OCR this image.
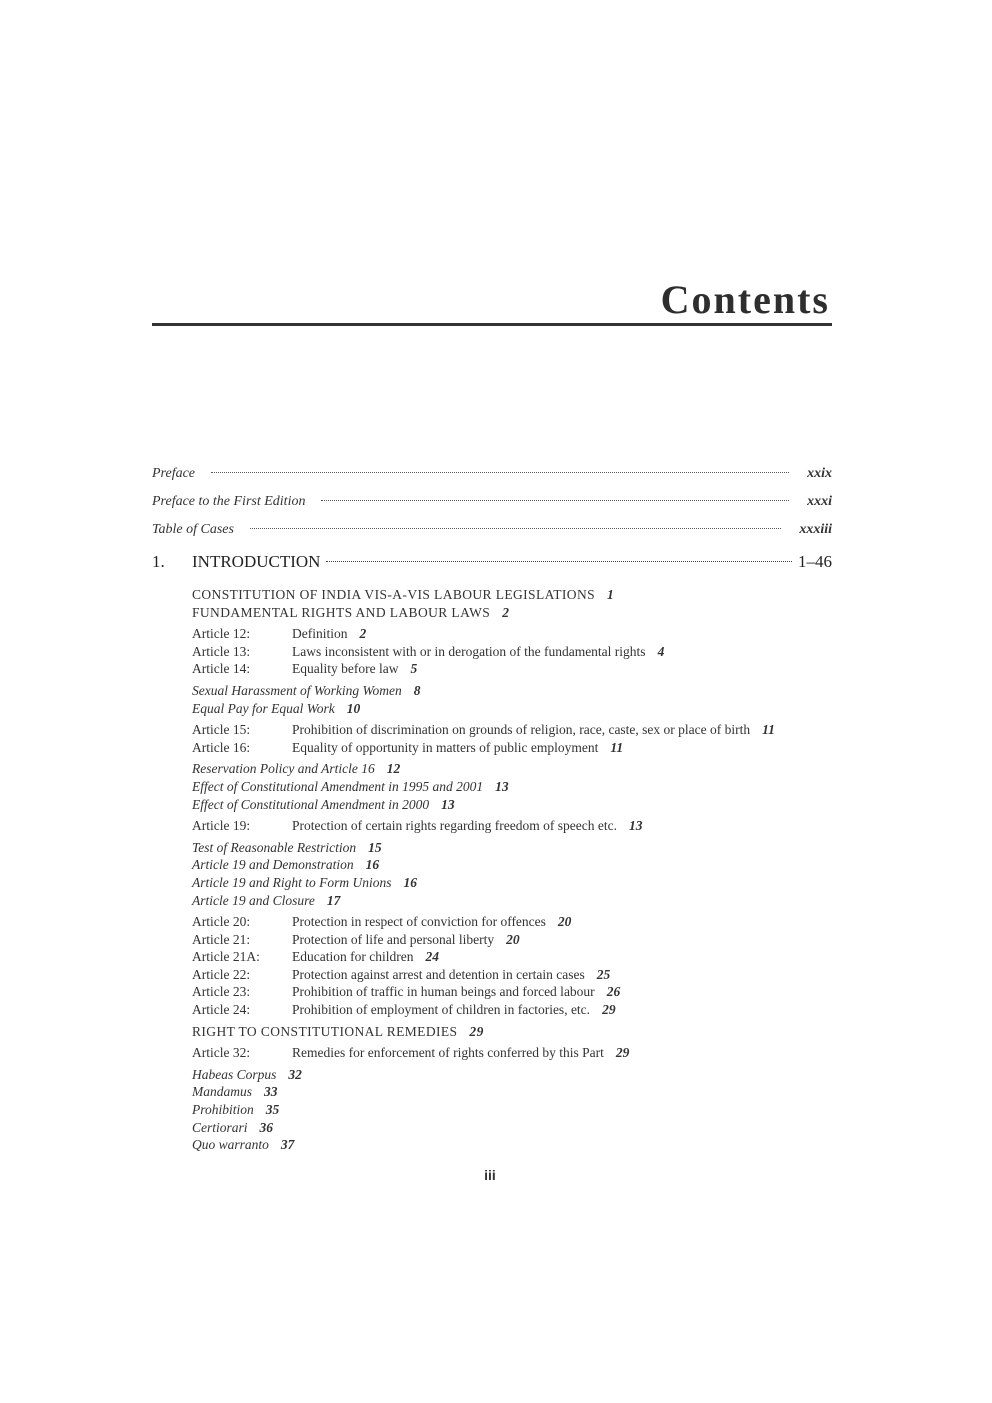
Contents
Preface	xxix
Preface to the First Edition	xxxi
Table of Cases	xxxiii
1.	INTRODUCTION	1–46
CONSTITUTION OF INDIA VIS-A-VIS LABOUR LEGISLATIONS 1
FUNDAMENTAL RIGHTS AND LABOUR LAWS 2
Article 12:	Definition 2
Article 13:	Laws inconsistent with or in derogation of the fundamental rights 4
Article 14:	Equality before law 5
Sexual Harassment of Working Women 8
Equal Pay for Equal Work 10
Article 15:	Prohibition of discrimination on grounds of religion, race, caste, sex or place of birth 11
Article 16:	Equality of opportunity in matters of public employment 11
Reservation Policy and Article 16 12
Effect of Constitutional Amendment in 1995 and 2001 13
Effect of Constitutional Amendment in 2000 13
Article 19:	Protection of certain rights regarding freedom of speech etc. 13
Test of Reasonable Restriction 15
Article 19 and Demonstration 16
Article 19 and Right to Form Unions 16
Article 19 and Closure 17
Article 20:	Protection in respect of conviction for offences 20
Article 21:	Protection of life and personal liberty 20
Article 21A:	Education for children 24
Article 22:	Protection against arrest and detention in certain cases 25
Article 23:	Prohibition of traffic in human beings and forced labour 26
Article 24:	Prohibition of employment of children in factories, etc. 29
RIGHT TO CONSTITUTIONAL REMEDIES 29
Article 32:	Remedies for enforcement of rights conferred by this Part 29
Habeas Corpus 32
Mandamus 33
Prohibition 35
Certiorari 36
Quo warranto 37
iii
